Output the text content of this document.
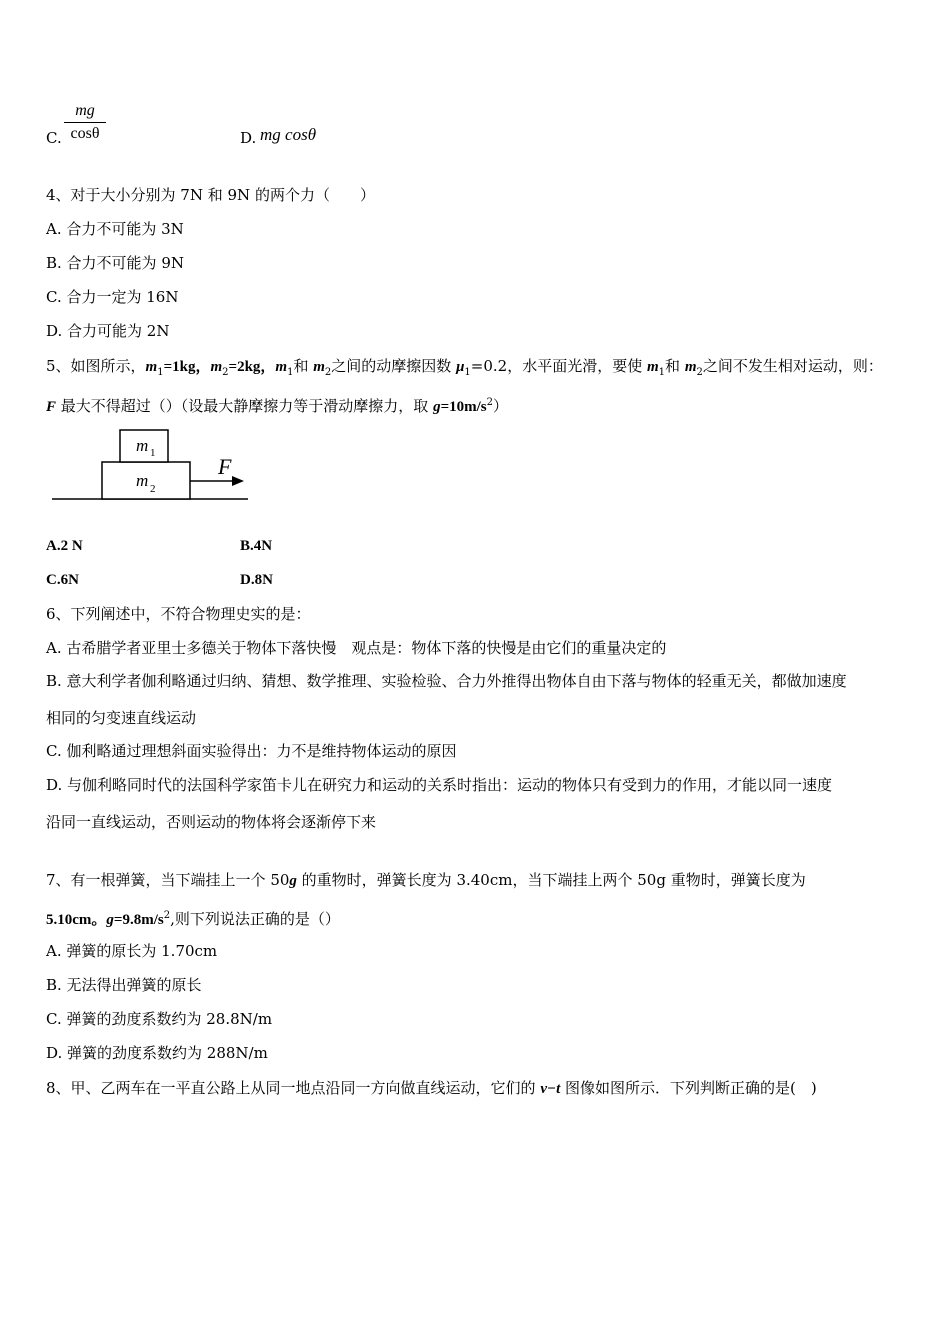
C.
mg
cosθ	D. mg cosθ
4、对于大小分别为 7N 和 9N 的两个力（　　）
A. 合力不可能为 3N
B. 合力不可能为 9N
C. 合力一定为 16N
D. 合力可能为 2N
5、如图所示，$m_1=1kg$，$m_2=2kg$，$m_1$和 $m_2$之间的动摩擦因数 $\mu_1=0.2$，水平面光滑，要使 $m_1$和 $m_2$之间不发生相对运动，则：
F 最大不得超过（）（设最大静摩擦力等于滑动摩擦力，取 $g=10m/s^2$）
m 1
m 2
F
A.2 N	B.4N
C.6N	D.8N
6、下列阐述中，不符合物理史实的是：
A. 古希腊学者亚里士多德关于物体下落快慢　观点是：物体下落的快慢是由它们的重量决定的
B. 意大利学者伽利略通过归纳、猜想、数学推理、实验检验、合力外推得出物体自由下落与物体的轻重无关，都做加速度
相同的匀变速直线运动
C. 伽利略通过理想斜面实验得出：力不是维持物体运动的原因
D. 与伽利略同时代的法国科学家笛卡儿在研究力和运动的关系时指出：运动的物体只有受到力的作用，才能以同一速度
沿同一直线运动，否则运动的物体将会逐渐停下来
7、有一根弹簧，当下端挂上一个 50g 的重物时，弹簧长度为 3.40cm，当下端挂上两个 50g 重物时，弹簧长度为
5.10cm。$g=9.8m/s^2$,则下列说法正确的是（）
A. 弹簧的原长为 1.70cm
B. 无法得出弹簧的原长
C. 弹簧的劲度系数约为 28.8N/m
D. 弹簧的劲度系数约为 288N/m
8、甲、乙两车在一平直公路上从同一地点沿同一方向做直线运动，它们的 v−t 图像如图所示．下列判断正确的是(　)
